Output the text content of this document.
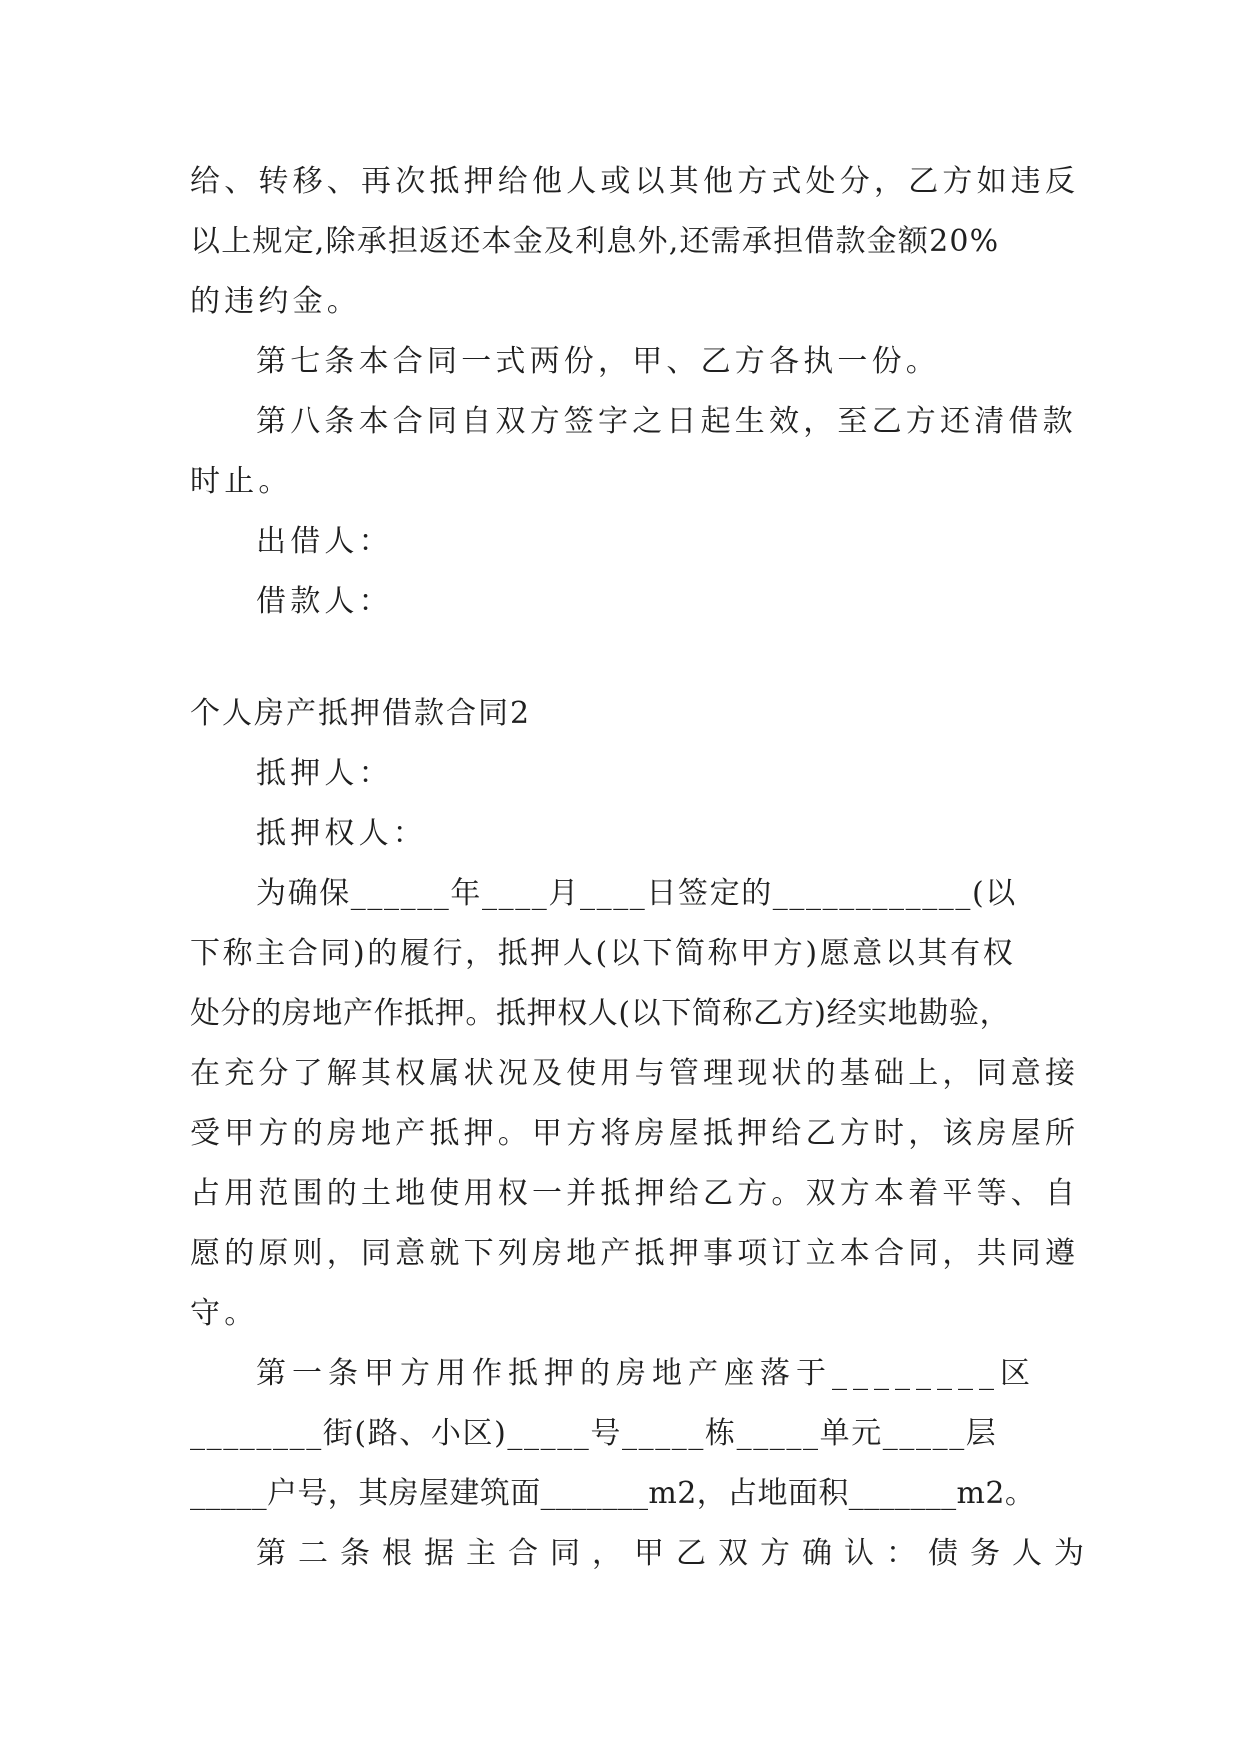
给、转移、再次抵押给他人或以其他方式处分，乙方如违反
以上规定,除承担返还本金及利息外,还需承担借款金额20%
的违约金。
第七条本合同一式两份，甲、乙方各执一份。
第八条本合同自双方签字之日起生效，至乙方还清借款
时止。
出借人：
借款人：
个人房产抵押借款合同2
抵押人：
抵押权人：
为确保______年____月____日签定的____________(以
下称主合同)的履行，抵押人(以下简称甲方)愿意以其有权
处分的房地产作抵押。抵押权人(以下简称乙方)经实地勘验，
在充分了解其权属状况及使用与管理现状的基础上，同意接
受甲方的房地产抵押。甲方将房屋抵押给乙方时，该房屋所
占用范围的土地使用权一并抵押给乙方。双方本着平等、自
愿的原则，同意就下列房地产抵押事项订立本合同，共同遵
守。
第一条甲方用作抵押的房地产座落于________区
________街(路、小区)_____号_____栋_____单元_____层
_____户号，其房屋建筑面_______m2，占地面积_______m2。
第二条根据主合同，甲乙双方确认：债务人为
